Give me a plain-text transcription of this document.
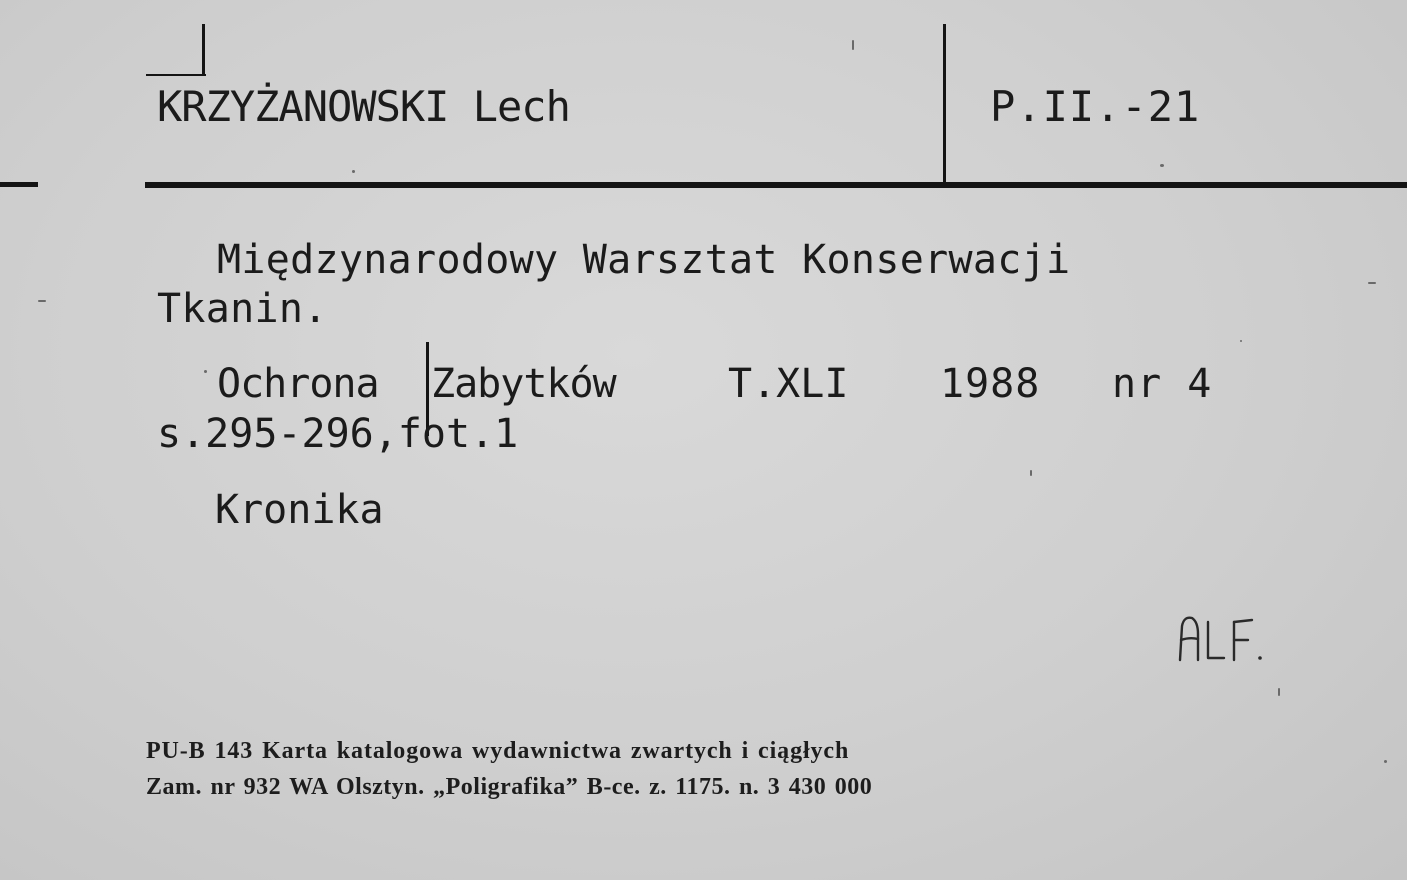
KRZYŻANOWSKI Lech	P.II.-21
Międzynarodowy Warsztat Konserwacji
Tkanin.
Ochrona Zabytków	T.XLI 1988 nr 4
s.295-296,fot.1
Kronika
PU-B 143 Karta katalogowa wydawnictwa zwartych i ciągłych
Zam. nr 932 WA Olsztyn. „Poligrafika” B-ce. z. 1175. n. 3 430 000
